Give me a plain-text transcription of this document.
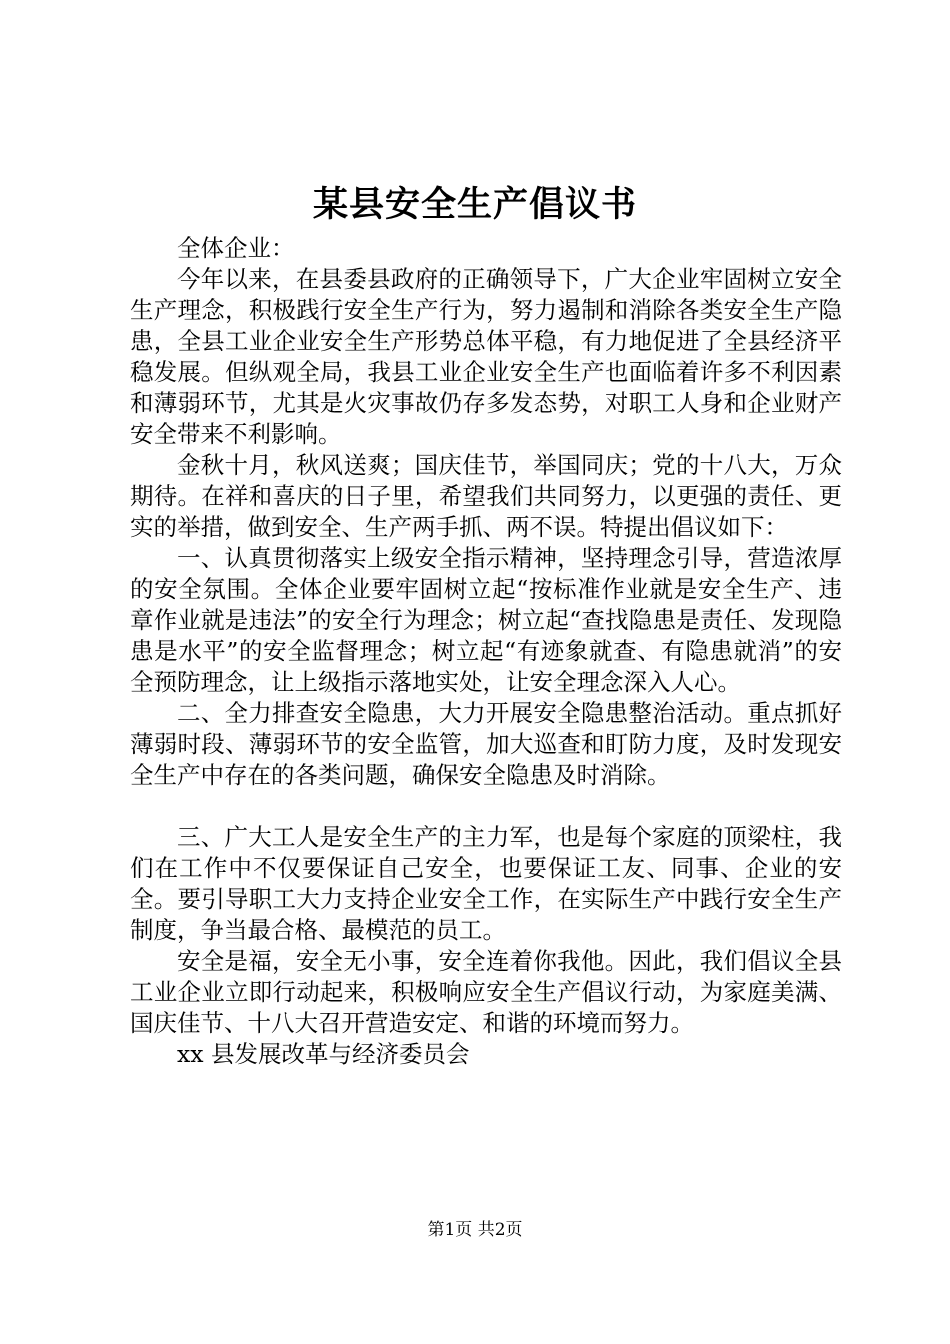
某县安全生产倡议书

全体企业：

今年以来，在县委县政府的正确领导下，广大企业牢固树立安全生产理念，积极践行安全生产行为，努力遏制和消除各类安全生产隐患，全县工业企业安全生产形势总体平稳，有力地促进了全县经济平稳发展。但纵观全局，我县工业企业安全生产也面临着许多不利因素和薄弱环节，尤其是火灾事故仍存多发态势，对职工人身和企业财产安全带来不利影响。

金秋十月，秋风送爽；国庆佳节，举国同庆；党的十八大，万众期待。在祥和喜庆的日子里，希望我们共同努力，以更强的责任、更实的举措，做到安全、生产两手抓、两不误。特提出倡议如下：

一、认真贯彻落实上级安全指示精神，坚持理念引导，营造浓厚的安全氛围。全体企业要牢固树立起“按标准作业就是安全生产、违章作业就是违法”的安全行为理念；树立起“查找隐患是责任、发现隐患是水平”的安全监督理念；树立起“有迹象就查、有隐患就消”的安全预防理念，让上级指示落地实处，让安全理念深入人心。

二、全力排查安全隐患，大力开展安全隐患整治活动。重点抓好薄弱时段、薄弱环节的安全监管，加大巡查和盯防力度，及时发现安全生产中存在的各类问题，确保安全隐患及时消除。

三、广大工人是安全生产的主力军，也是每个家庭的顶梁柱，我们在工作中不仅要保证自己安全，也要保证工友、同事、企业的安全。要引导职工大力支持企业安全工作，在实际生产中践行安全生产制度，争当最合格、最模范的员工。

安全是福，安全无小事，安全连着你我他。因此，我们倡议全县工业企业立即行动起来，积极响应安全生产倡议行动，为家庭美满、国庆佳节、十八大召开营造安定、和谐的环境而努力。

xx 县发展改革与经济委员会

第1页 共2页
